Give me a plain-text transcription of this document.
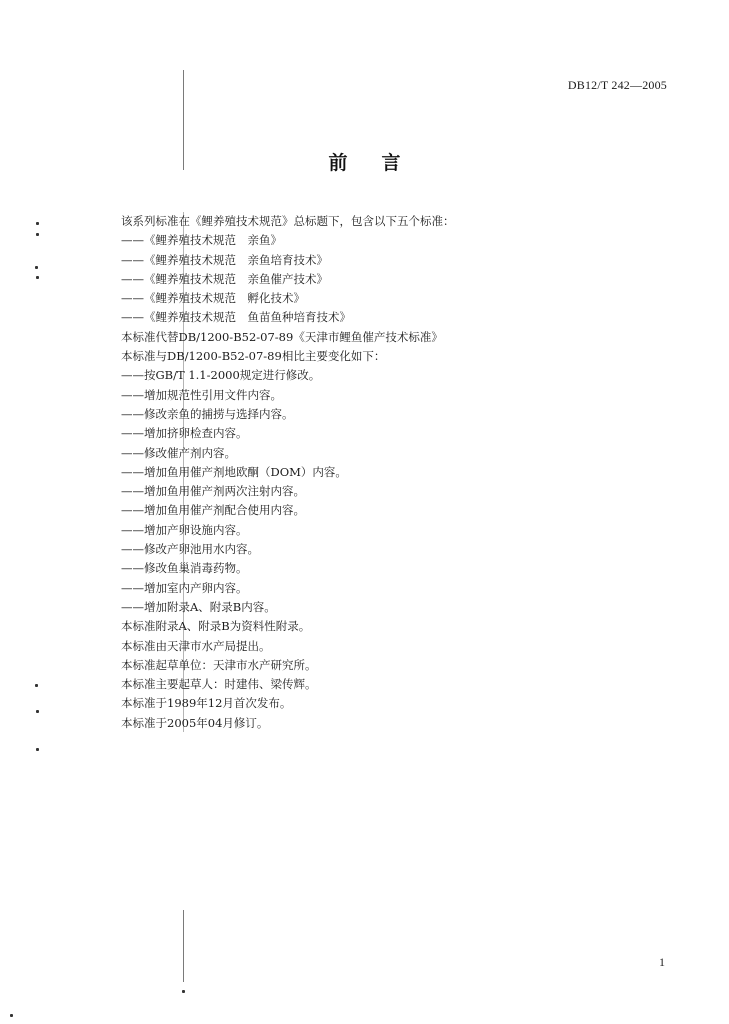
DB12/T 242—2005
前言
该系列标准在《鲤养殖技术规范》总标题下，包含以下五个标准：
——《鲤养殖技术规范　亲鱼》
——《鲤养殖技术规范　亲鱼培育技术》
——《鲤养殖技术规范　亲鱼催产技术》
——《鲤养殖技术规范　孵化技术》
——《鲤养殖技术规范　鱼苗鱼种培育技术》
本标准代替DB/1200-B52-07-89《天津市鲤鱼催产技术标准》
本标准与DB/1200-B52-07-89相比主要变化如下：
——按GB/T 1.1-2000规定进行修改。
——增加规范性引用文件内容。
——修改亲鱼的捕捞与选择内容。
——增加挤卵检查内容。
——修改催产剂内容。
——增加鱼用催产剂地欧酮（DOM）内容。
——增加鱼用催产剂两次注射内容。
——增加鱼用催产剂配合使用内容。
——增加产卵设施内容。
——修改产卵池用水内容。
——修改鱼巢消毒药物。
——增加室内产卵内容。
——增加附录A、附录B内容。
本标准附录A、附录B为资料性附录。
本标准由天津市水产局提出。
本标准起草单位：天津市水产研究所。
本标准主要起草人：时建伟、梁传辉。
本标准于1989年12月首次发布。
本标准于2005年04月修订。
1
